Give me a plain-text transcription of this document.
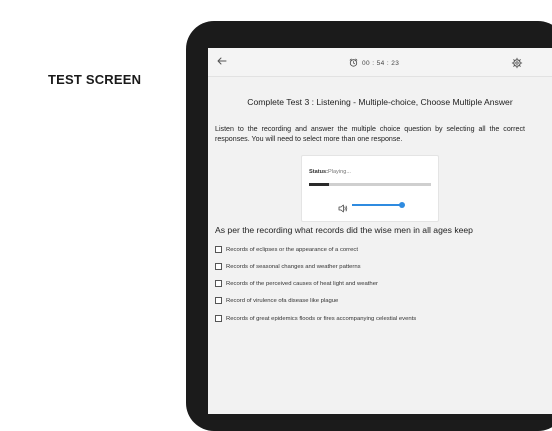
TEST SCREEN
00 : 54 : 23
Complete Test 3 : Listening - Multiple-choice, Choose Multiple Answer
Listen to the recording and answer the multiple choice question by selecting all the correct responses. You will need to select more than one response.
Status:Playing...
As per the recording what records did the wise men in all ages keep
Records of eclipses or the appearance of a correct
Records of seasonal changes and weather patterns
Records of the perceived causes of heat light and weather
Record of virulence ofa disease like plague
Records of great epidemics floods or fires accompanying celestial events
